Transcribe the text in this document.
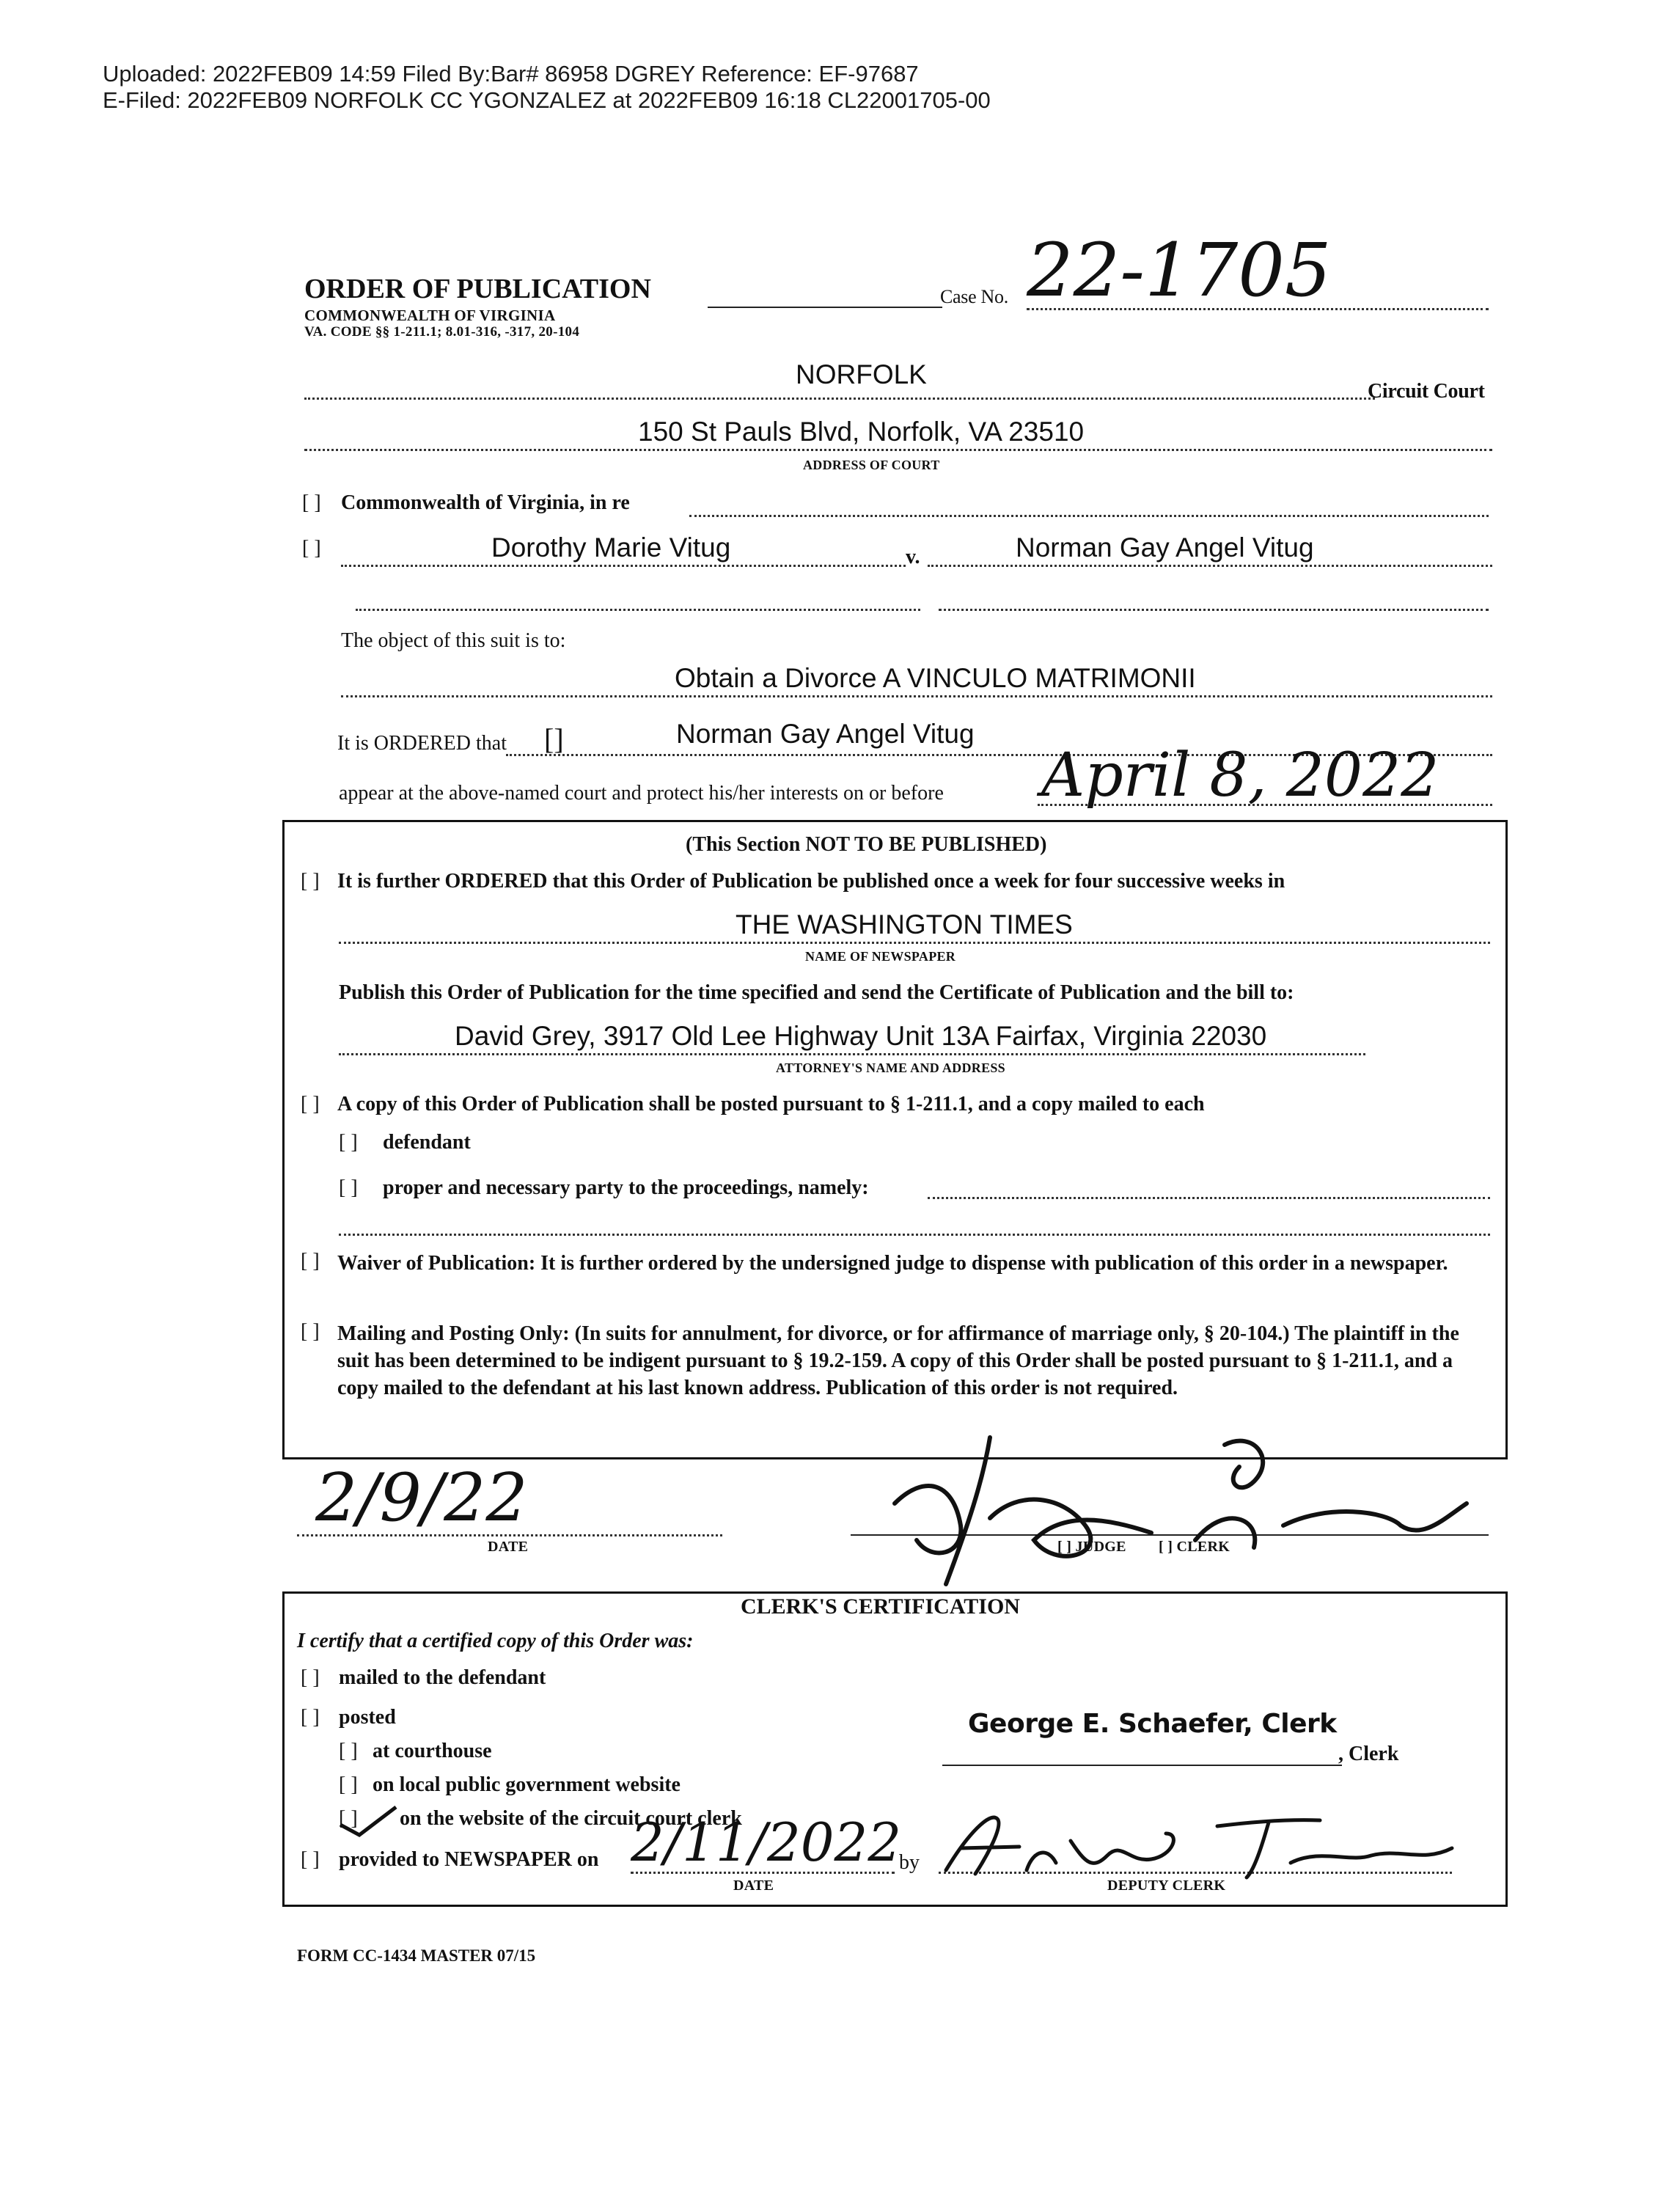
Uploaded: 2022FEB09 14:59 Filed By:Bar# 86958 DGREY Reference: EF-97687
E-Filed: 2022FEB09 NORFOLK CC YGONZALEZ at 2022FEB09 16:18 CL22001705-00
ORDER OF PUBLICATION
COMMONWEALTH OF VIRGINIA
VA. CODE §§ 1-211.1; 8.01-316, -317, 20-104
Case No. 22-1705
NORFOLK
Circuit Court
150 St Pauls Blvd, Norfolk, VA 23510
ADDRESS OF COURT
[ ] Commonwealth of Virginia, in re
[ ]	Dorothy Marie Vitug	v.	Norman Gay Angel Vitug
The object of this suit is to:
Obtain a Divorce A VINCULO MATRIMONII
It is ORDERED that []	Norman Gay Angel Vitug
appear at the above-named court and protect his/her interests on or before April 8, 2022
(This Section NOT TO BE PUBLISHED)
[ ] It is further ORDERED that this Order of Publication be published once a week for four successive weeks in
THE WASHINGTON TIMES
NAME OF NEWSPAPER
Publish this Order of Publication for the time specified and send the Certificate of Publication and the bill to:
David Grey, 3917 Old Lee Highway Unit 13A Fairfax, Virginia 22030
ATTORNEY'S NAME AND ADDRESS
[ ] A copy of this Order of Publication shall be posted pursuant to § 1-211.1, and a copy mailed to each
[ ] defendant
[ ] proper and necessary party to the proceedings, namely:
[ ] Waiver of Publication: It is further ordered by the undersigned judge to dispense with publication of this order in a newspaper.
[ ] Mailing and Posting Only: (In suits for annulment, for divorce, or for affirmance of marriage only, § 20-104.) The plaintiff in the suit has been determined to be indigent pursuant to § 19.2-159. A copy of this Order shall be posted pursuant to § 1-211.1, and a copy mailed to the defendant at his last known address. Publication of this order is not required.
2/9/22
DATE	[ ] JUDGE [ ] CLERK
CLERK'S CERTIFICATION
I certify that a certified copy of this Order was:
[ ] mailed to the defendant
[ ] posted
[ ] at courthouse
[ ] on local public government website
[ ] on the website of the circuit court clerk
[ ] provided to NEWSPAPER on 2/11/2022
DATE
by
George E. Schaefer, Clerk
, Clerk
DEPUTY CLERK
FORM CC-1434 MASTER 07/15
